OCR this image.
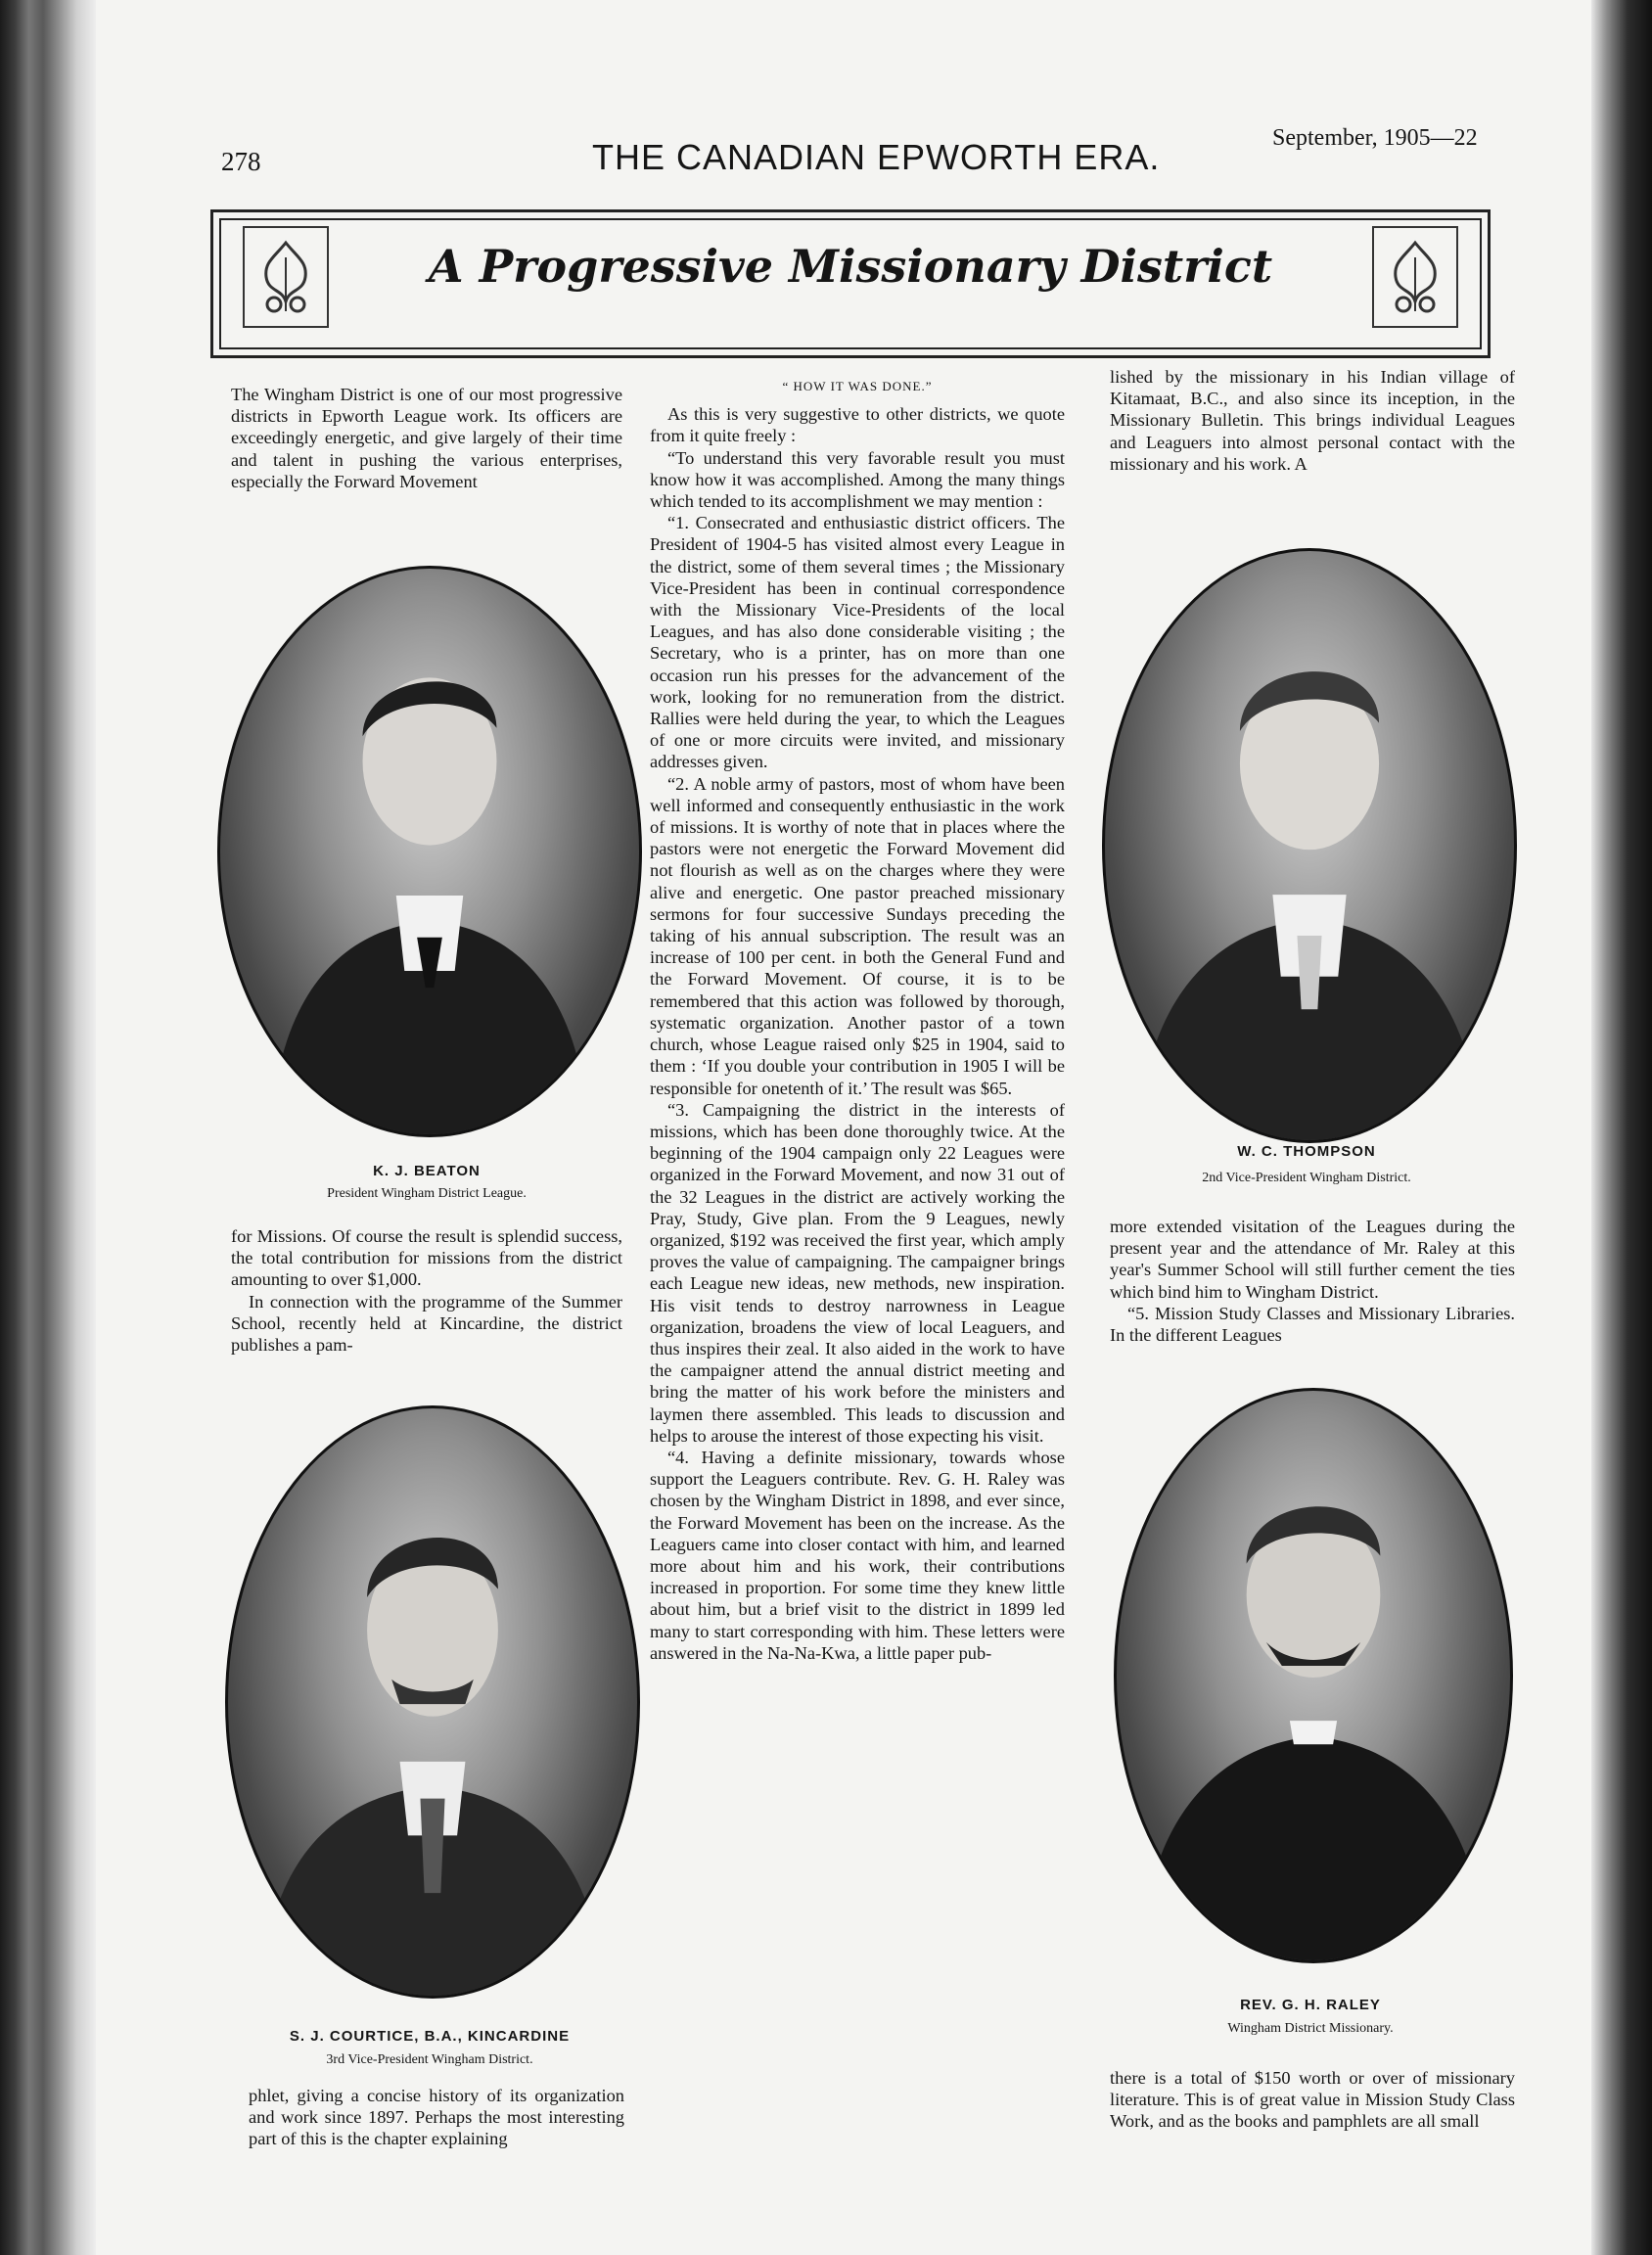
278	THE CANADIAN EPWORTH ERA.	September, 1905—22
A Progressive Missionary District

The Wingham District is one of our most progressive districts in Epworth League work. Its officers are exceedingly energetic, and give largely of their time and talent in pushing the various enterprises, especially the Forward Movement

K. J. BEATON
President Wingham District League.

for Missions. Of course the result is splendid success, the total contribution for missions from the district amounting to over $1,000.

In connection with the programme of the Summer School, recently held at Kincardine, the district publishes a pam-

S. J. COURTICE, B.A., KINCARDINE
3rd Vice-President Wingham District.

phlet, giving a concise history of its organization and work since 1897. Perhaps the most interesting part of this is the chapter explaining

“ HOW IT WAS DONE.”

As this is very suggestive to other districts, we quote from it quite freely :

“To understand this very favorable result you must know how it was accomplished. Among the many things which tended to its accomplishment we may mention :

“1. Consecrated and enthusiastic district officers. The President of 1904-5 has visited almost every League in the district, some of them several times ; the Missionary Vice-President has been in continual correspondence with the Missionary Vice-Presidents of the local Leagues, and has also done considerable visiting ; the Secretary, who is a printer, has on more than one occasion run his presses for the advancement of the work, looking for no remuneration from the district. Rallies were held during the year, to which the Leagues of one or more circuits were invited, and missionary addresses given.

“2. A noble army of pastors, most of whom have been well informed and consequently enthusiastic in the work of missions. It is worthy of note that in places where the pastors were not energetic the Forward Movement did not flourish as well as on the charges where they were alive and energetic. One pastor preached missionary sermons for four successive Sundays preceding the taking of his annual subscription. The result was an increase of 100 per cent. in both the General Fund and the Forward Movement. Of course, it is to be remembered that this action was followed by thorough, systematic organization. Another pastor of a town church, whose League raised only $25 in 1904, said to them : ‘If you double your contribution in 1905 I will be responsible for onetenth of it.’ The result was $65.

“3. Campaigning the district in the interests of missions, which has been done thoroughly twice. At the beginning of the 1904 campaign only 22 Leagues were organized in the Forward Movement, and now 31 out of the 32 Leagues in the district are actively working the Pray, Study, Give plan. From the 9 Leagues, newly organized, $192 was received the first year, which amply proves the value of campaigning. The campaigner brings each League new ideas, new methods, new inspiration. His visit tends to destroy narrowness in League organization, broadens the view of local Leaguers, and thus inspires their zeal. It also aided in the work to have the campaigner attend the annual district meeting and bring the matter of his work before the ministers and laymen there assembled. This leads to discussion and helps to arouse the interest of those expecting his visit.

“4. Having a definite missionary, towards whose support the Leaguers contribute. Rev. G. H. Raley was chosen by the Wingham District in 1898, and ever since, the Forward Movement has been on the increase. As the Leaguers came into closer contact with him, and learned more about him and his work, their contributions increased in proportion. For some time they knew little about him, but a brief visit to the district in 1899 led many to start corresponding with him. These letters were answered in the Na-Na-Kwa, a little paper pub-

lished by the missionary in his Indian village of Kitamaat, B.C., and also since its inception, in the Missionary Bulletin. This brings individual Leagues and Leaguers into almost personal contact with the missionary and his work. A

W. C. THOMPSON
2nd Vice-President Wingham District.

more extended visitation of the Leagues during the present year and the attendance of Mr. Raley at this year's Summer School will still further cement the ties which bind him to Wingham District.

“5. Mission Study Classes and Missionary Libraries. In the different Leagues

REV. G. H. RALEY
Wingham District Missionary.

there is a total of $150 worth or over of missionary literature. This is of great value in Mission Study Class Work, and as the books and pamphlets are all small
